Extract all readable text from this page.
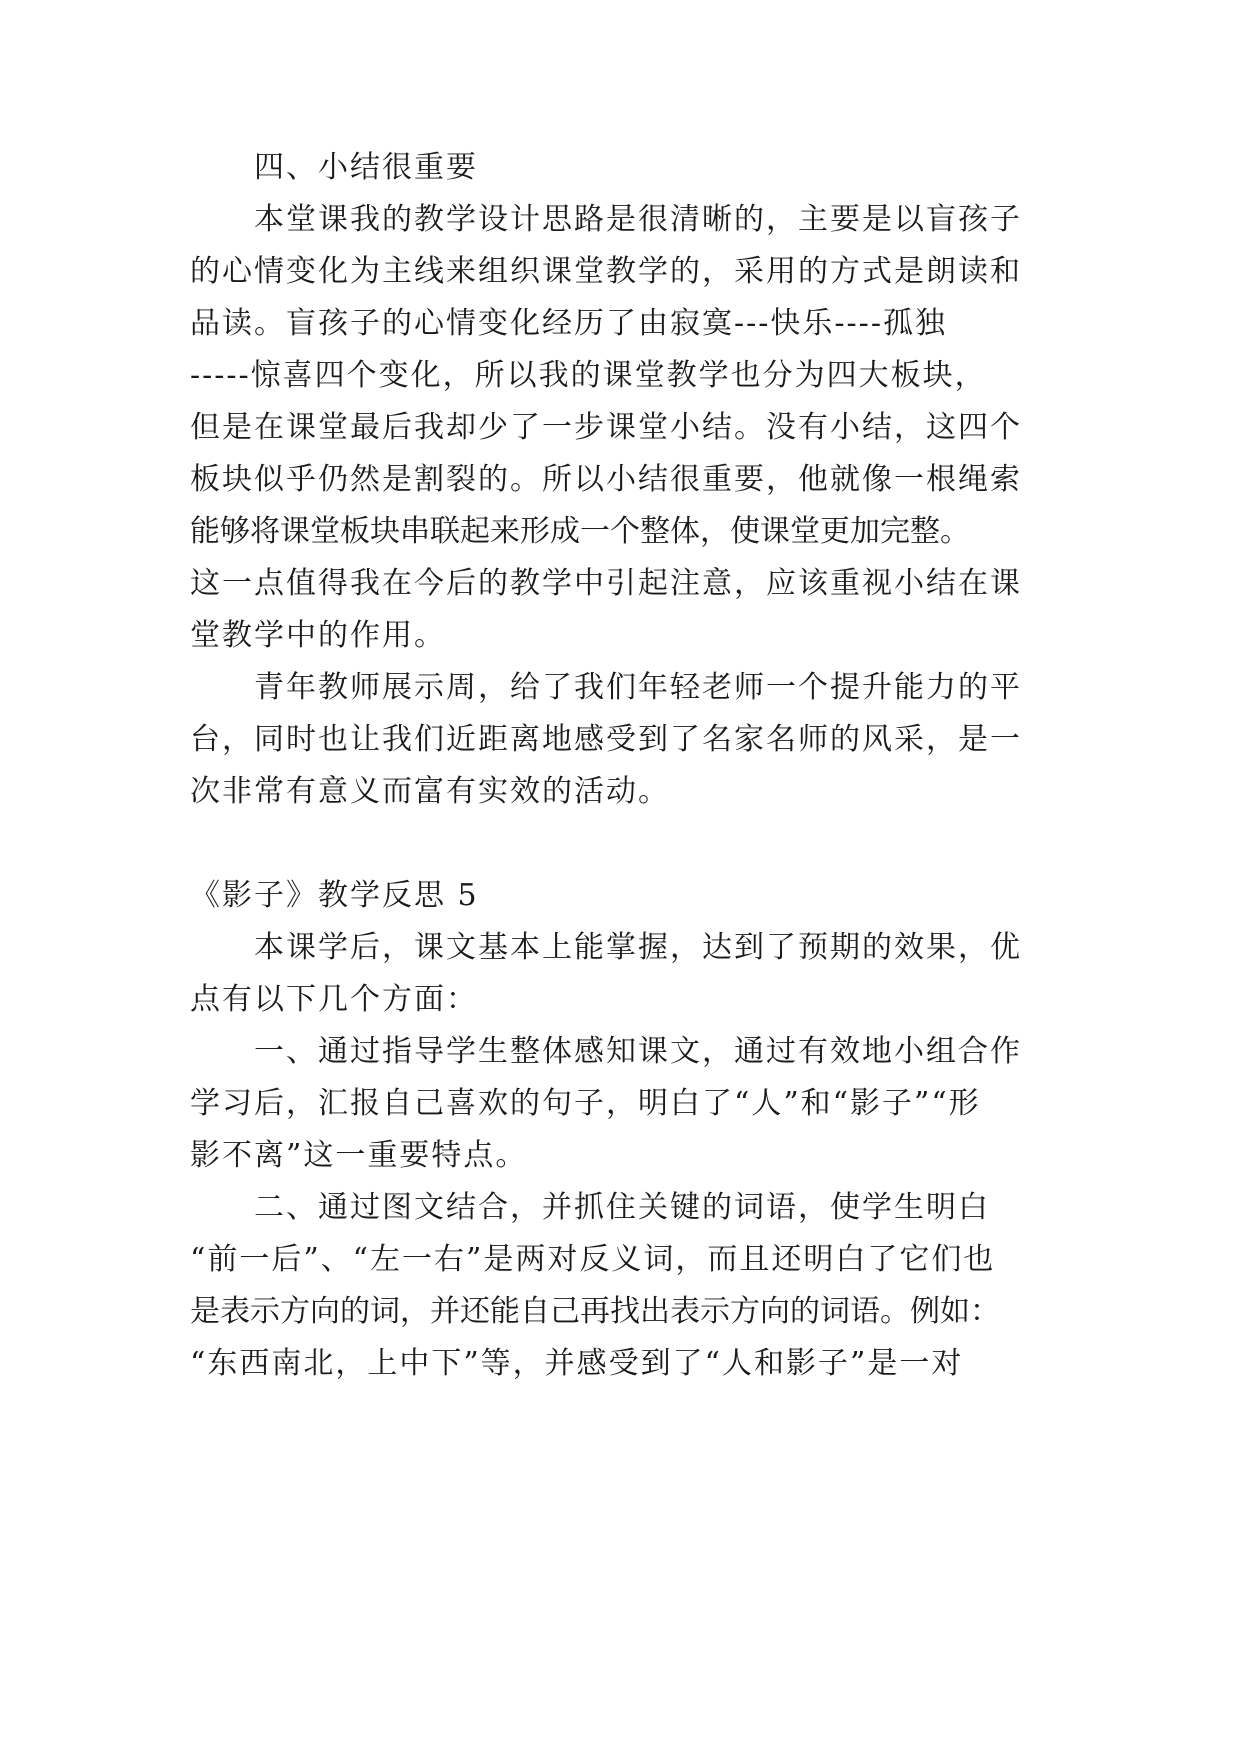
四、小结很重要
本堂课我的教学设计思路是很清晰的，主要是以盲孩子
的心情变化为主线来组织课堂教学的，采用的方式是朗读和
品读。盲孩子的心情变化经历了由寂寞---快乐----孤独
-----惊喜四个变化，所以我的课堂教学也分为四大板块，
但是在课堂最后我却少了一步课堂小结。没有小结，这四个
板块似乎仍然是割裂的。所以小结很重要，他就像一根绳索
能够将课堂板块串联起来形成一个整体，使课堂更加完整。
这一点值得我在今后的教学中引起注意，应该重视小结在课
堂教学中的作用。
青年教师展示周，给了我们年轻老师一个提升能力的平
台，同时也让我们近距离地感受到了名家名师的风采，是一
次非常有意义而富有实效的活动。
《影子》教学反思 5
本课学后，课文基本上能掌握，达到了预期的效果，优
点有以下几个方面：
一、通过指导学生整体感知课文，通过有效地小组合作
学习后，汇报自己喜欢的句子，明白了“人”和“影子”“形
影不离”这一重要特点。
二、通过图文结合，并抓住关键的词语，使学生明白
“前一后”、“左一右”是两对反义词，而且还明白了它们也
是表示方向的词，并还能自己再找出表示方向的词语。例如：
“东西南北，上中下”等，并感受到了“人和影子”是一对
